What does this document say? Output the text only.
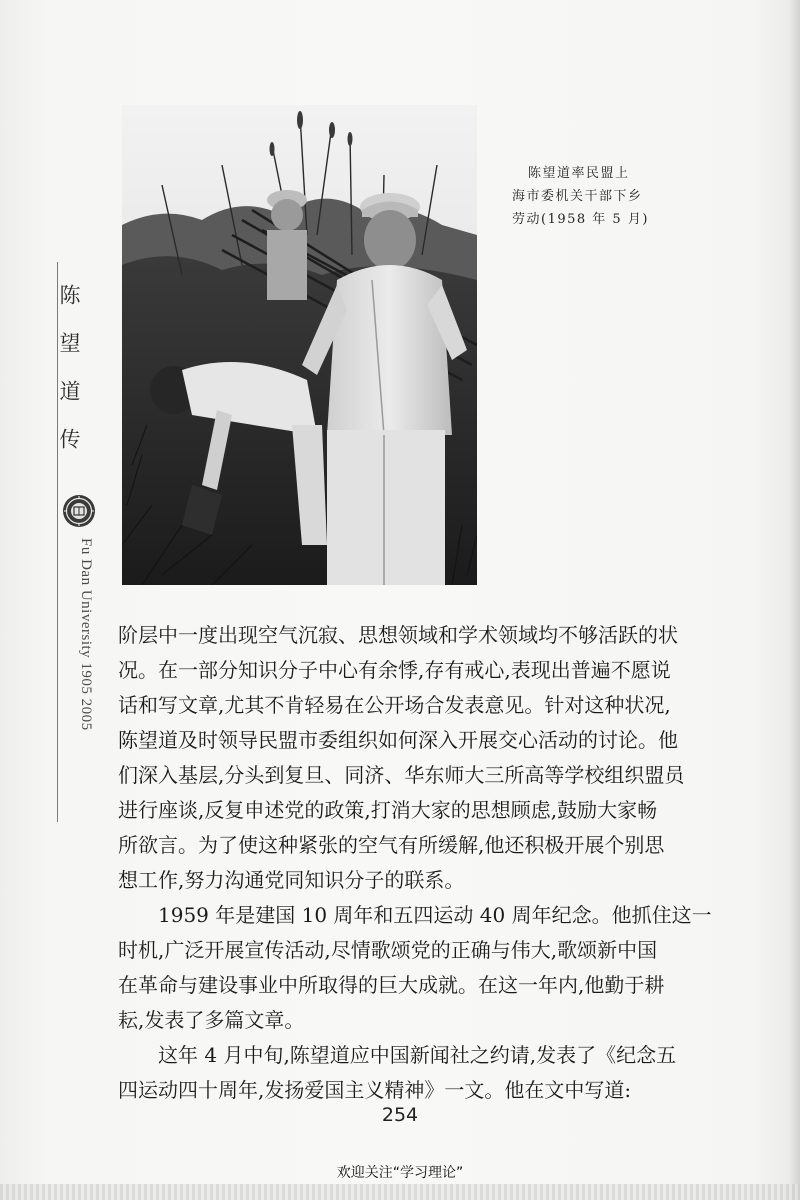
陈望道传
Fu Dan University 1905 2005
陈望道率民盟上
海市委机关干部下乡
劳动(1958 年 5 月)
阶层中一度出现空气沉寂、思想领域和学术领域均不够活跃的状
况。在一部分知识分子中心有余悸,存有戒心,表现出普遍不愿说
话和写文章,尤其不肯轻易在公开场合发表意见。针对这种状况,
陈望道及时领导民盟市委组织如何深入开展交心活动的讨论。他
们深入基层,分头到复旦、同济、华东师大三所高等学校组织盟员
进行座谈,反复申述党的政策,打消大家的思想顾虑,鼓励大家畅
所欲言。为了使这种紧张的空气有所缓解,他还积极开展个别思
想工作,努力沟通党同知识分子的联系。
1959 年是建国 10 周年和五四运动 40 周年纪念。他抓住这一
时机,广泛开展宣传活动,尽情歌颂党的正确与伟大,歌颂新中国
在革命与建设事业中所取得的巨大成就。在这一年内,他勤于耕
耘,发表了多篇文章。
这年 4 月中旬,陈望道应中国新闻社之约请,发表了《纪念五
四运动四十周年,发扬爱国主义精神》一文。他在文中写道:
254
欢迎关注“学习理论”
